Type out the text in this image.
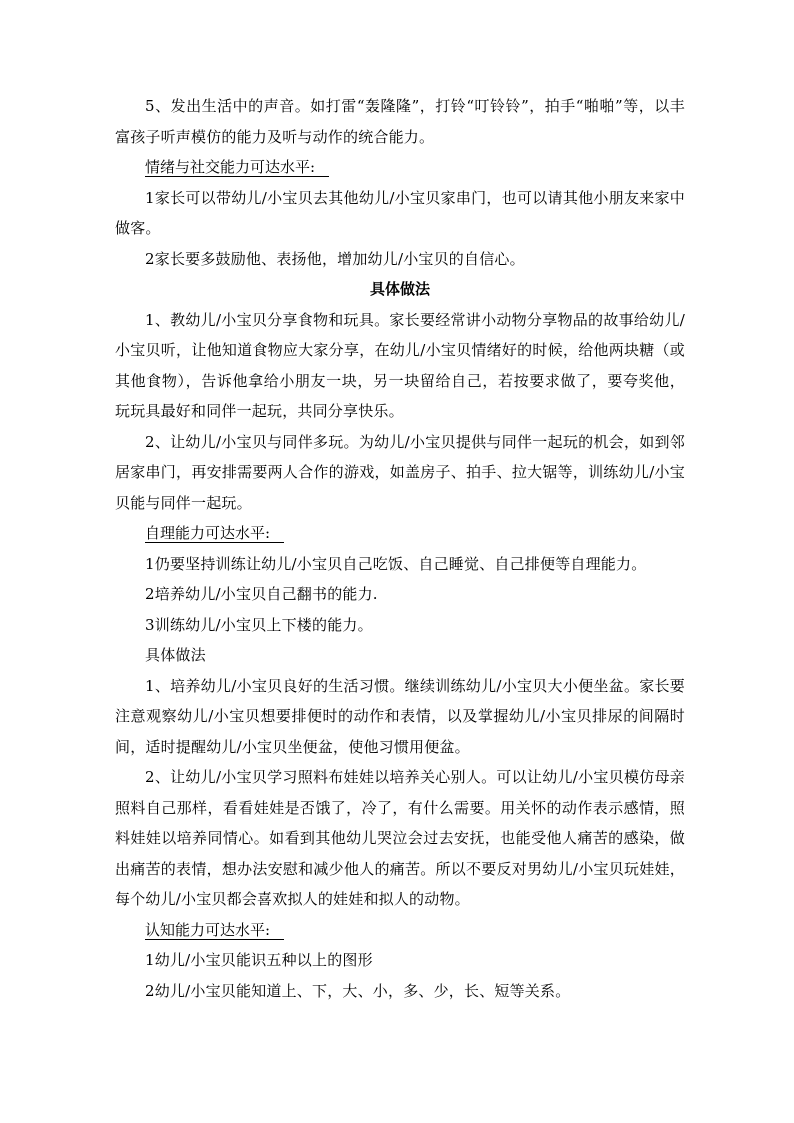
5、发出生活中的声音。如打雷“轰隆隆”，打铃“叮铃铃”，拍手“啪啪”等，以丰富孩子听声模仿的能力及听与动作的统合能力。

情绪与社交能力可达水平:

1家长可以带幼儿/小宝贝去其他幼儿/小宝贝家串门，也可以请其他小朋友来家中做客。

2家长要多鼓励他、表扬他，增加幼儿/小宝贝的自信心。

具体做法

1、教幼儿/小宝贝分享食物和玩具。家长要经常讲小动物分享物品的故事给幼儿/小宝贝听，让他知道食物应大家分享，在幼儿/小宝贝情绪好的时候，给他两块糖（或其他食物），告诉他拿给小朋友一块，另一块留给自己，若按要求做了，要夸奖他，玩玩具最好和同伴一起玩，共同分享快乐。

2、让幼儿/小宝贝与同伴多玩。为幼儿/小宝贝提供与同伴一起玩的机会，如到邻居家串门，再安排需要两人合作的游戏，如盖房子、拍手、拉大锯等，训练幼儿/小宝贝能与同伴一起玩。

自理能力可达水平:

1仍要坚持训练让幼儿/小宝贝自己吃饭、自己睡觉、自己排便等自理能力。

2培养幼儿/小宝贝自己翻书的能力.

3训练幼儿/小宝贝上下楼的能力。

具体做法

1、培养幼儿/小宝贝良好的生活习惯。继续训练幼儿/小宝贝大小便坐盆。家长要注意观察幼儿/小宝贝想要排便时的动作和表情，以及掌握幼儿/小宝贝排尿的间隔时间，适时提醒幼儿/小宝贝坐便盆，使他习惯用便盆。

2、让幼儿/小宝贝学习照料布娃娃以培养关心别人。可以让幼儿/小宝贝模仿母亲照料自己那样，看看娃娃是否饿了，冷了，有什么需要。用关怀的动作表示感情，照料娃娃以培养同情心。如看到其他幼儿哭泣会过去安抚，也能受他人痛苦的感染，做出痛苦的表情，想办法安慰和减少他人的痛苦。所以不要反对男幼儿/小宝贝玩娃娃，每个幼儿/小宝贝都会喜欢拟人的娃娃和拟人的动物。

认知能力可达水平:

1幼儿/小宝贝能识五种以上的图形

2幼儿/小宝贝能知道上、下，大、小，多、少，长、短等关系。
